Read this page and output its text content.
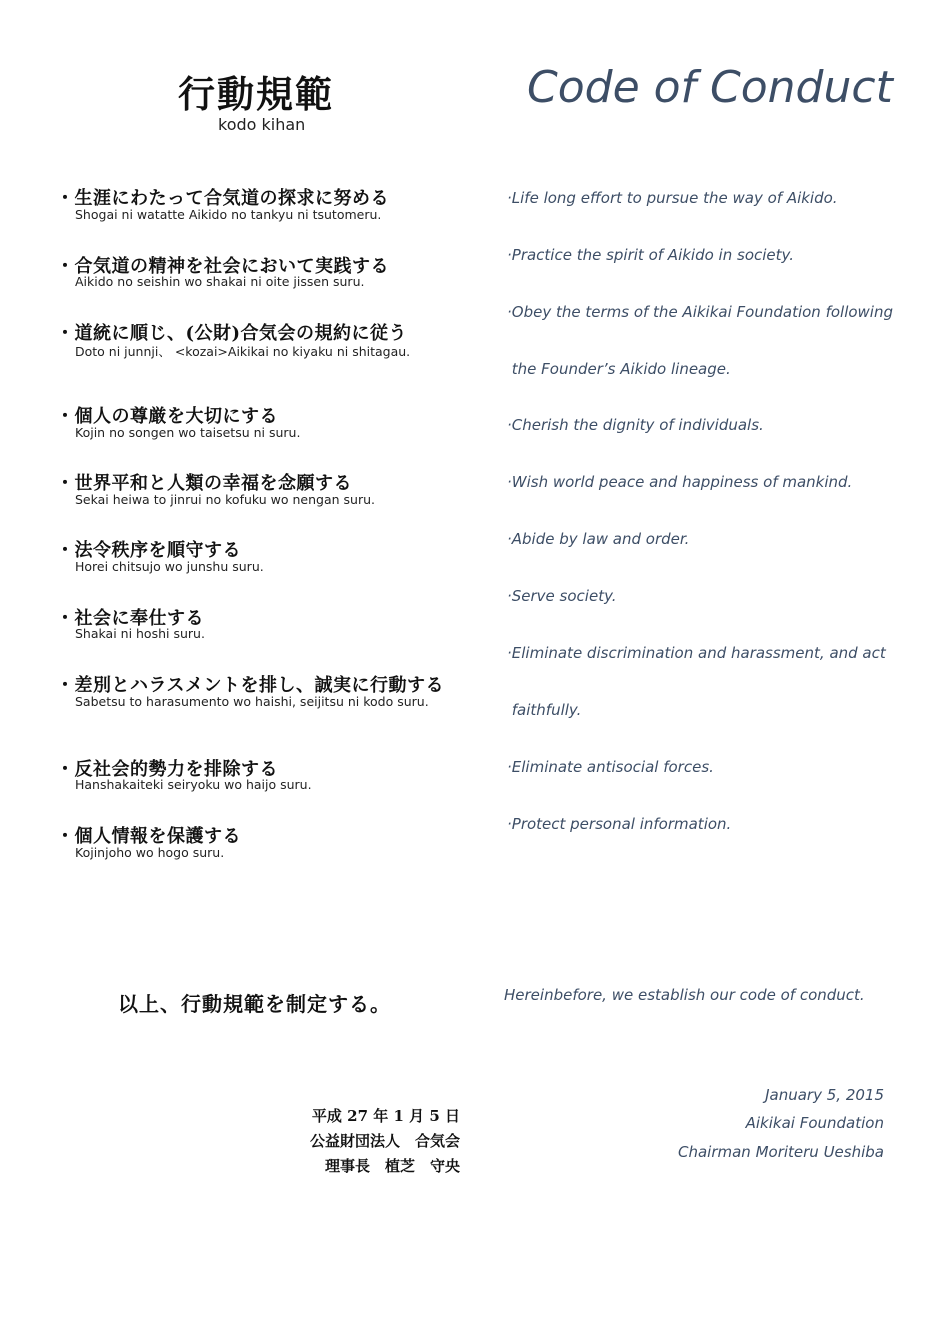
行動規範
kodo kihan
Code of Conduct
・生涯にわたって合気道の探求に努める
Shogai ni watatte Aikido no tankyu ni tsutomeru.
・合気道の精神を社会において実践する
Aikido no seishin wo shakai ni oite jissen suru.
・道統に順じ、(公財)合気会の規約に従う
Doto ni junnji、 <kozai>Aikikai no kiyaku ni shitagau.
・個人の尊厳を大切にする
Kojin no songen wo taisetsu ni suru.
・世界平和と人類の幸福を念願する
Sekai heiwa to jinrui no kofuku wo nengan suru.
・法令秩序を順守する
Horei chitsujo wo junshu suru.
・社会に奉仕する
Shakai ni hoshi suru.
・差別とハラスメントを排し、誠実に行動する
Sabetsu to harasumento wo haishi, seijitsu ni kodo suru.
・反社会的勢力を排除する
Hanshakaiteki seiryoku wo haijo suru.
・個人情報を保護する
Kojinjoho wo hogo suru.
·Life long effort to pursue the way of Aikido.
·Practice the spirit of Aikido in society.
·Obey the terms of the Aikikai Foundation following
the Founder’s Aikido lineage.
·Cherish the dignity of individuals.
·Wish world peace and happiness of mankind.
·Abide by law and order.
·Serve society.
·Eliminate discrimination and harassment, and act
faithfully.
·Eliminate antisocial forces.
·Protect personal information.
以上、行動規範を制定する。	Hereinbefore, we establish our code of conduct.
平成 27 年 1 月 5 日
公益財団法人　合気会
理事長　植芝　守央
January 5, 2015
Aikikai Foundation
Chairman Moriteru Ueshiba
